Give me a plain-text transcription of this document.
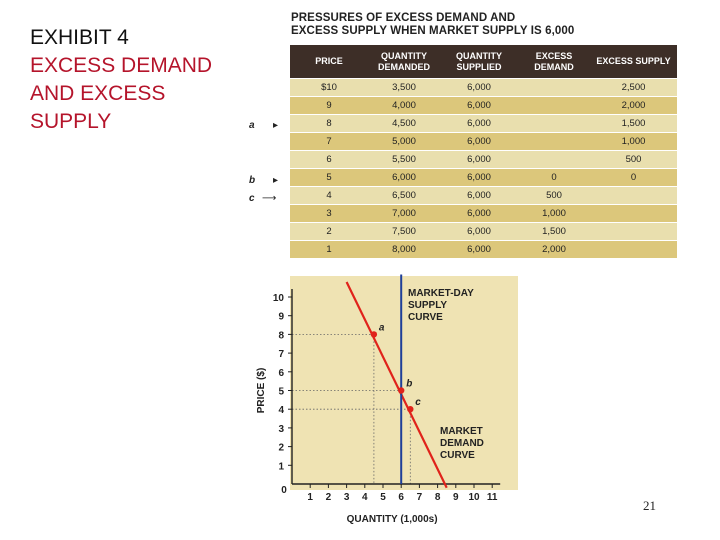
EXHIBIT 4
EXCESS DEMAND
AND EXCESS
SUPPLY
PRESSURES OF EXCESS DEMAND AND
EXCESS SUPPLY WHEN MARKET SUPPLY IS 6,000
PRICE	QUANTITY DEMANDED	QUANTITY SUPPLIED	EXCESS DEMAND	EXCESS SUPPLY
$10	3,500	6,000		2,500
9	4,000	6,000		2,000
8	4,500	6,000		1,500
7	5,000	6,000		1,000
6	5,500	6,000		500
5	6,000	6,000	0	0
4	6,500	6,000	500	
3	7,000	6,000	1,000	
2	7,500	6,000	1,500	
1	8,000	6,000	2,000	
a ▸
b ▸
c ⟶
0
1 2 3 4 5 6 7 8 9 10 11
1
2
3
4
5
6
7
8
9
10
a
b
c
QUANTITY (1,000s)
PRICE ($)
MARKET-DAY
SUPPLY
CURVE
MARKET
DEMAND
CURVE
21
